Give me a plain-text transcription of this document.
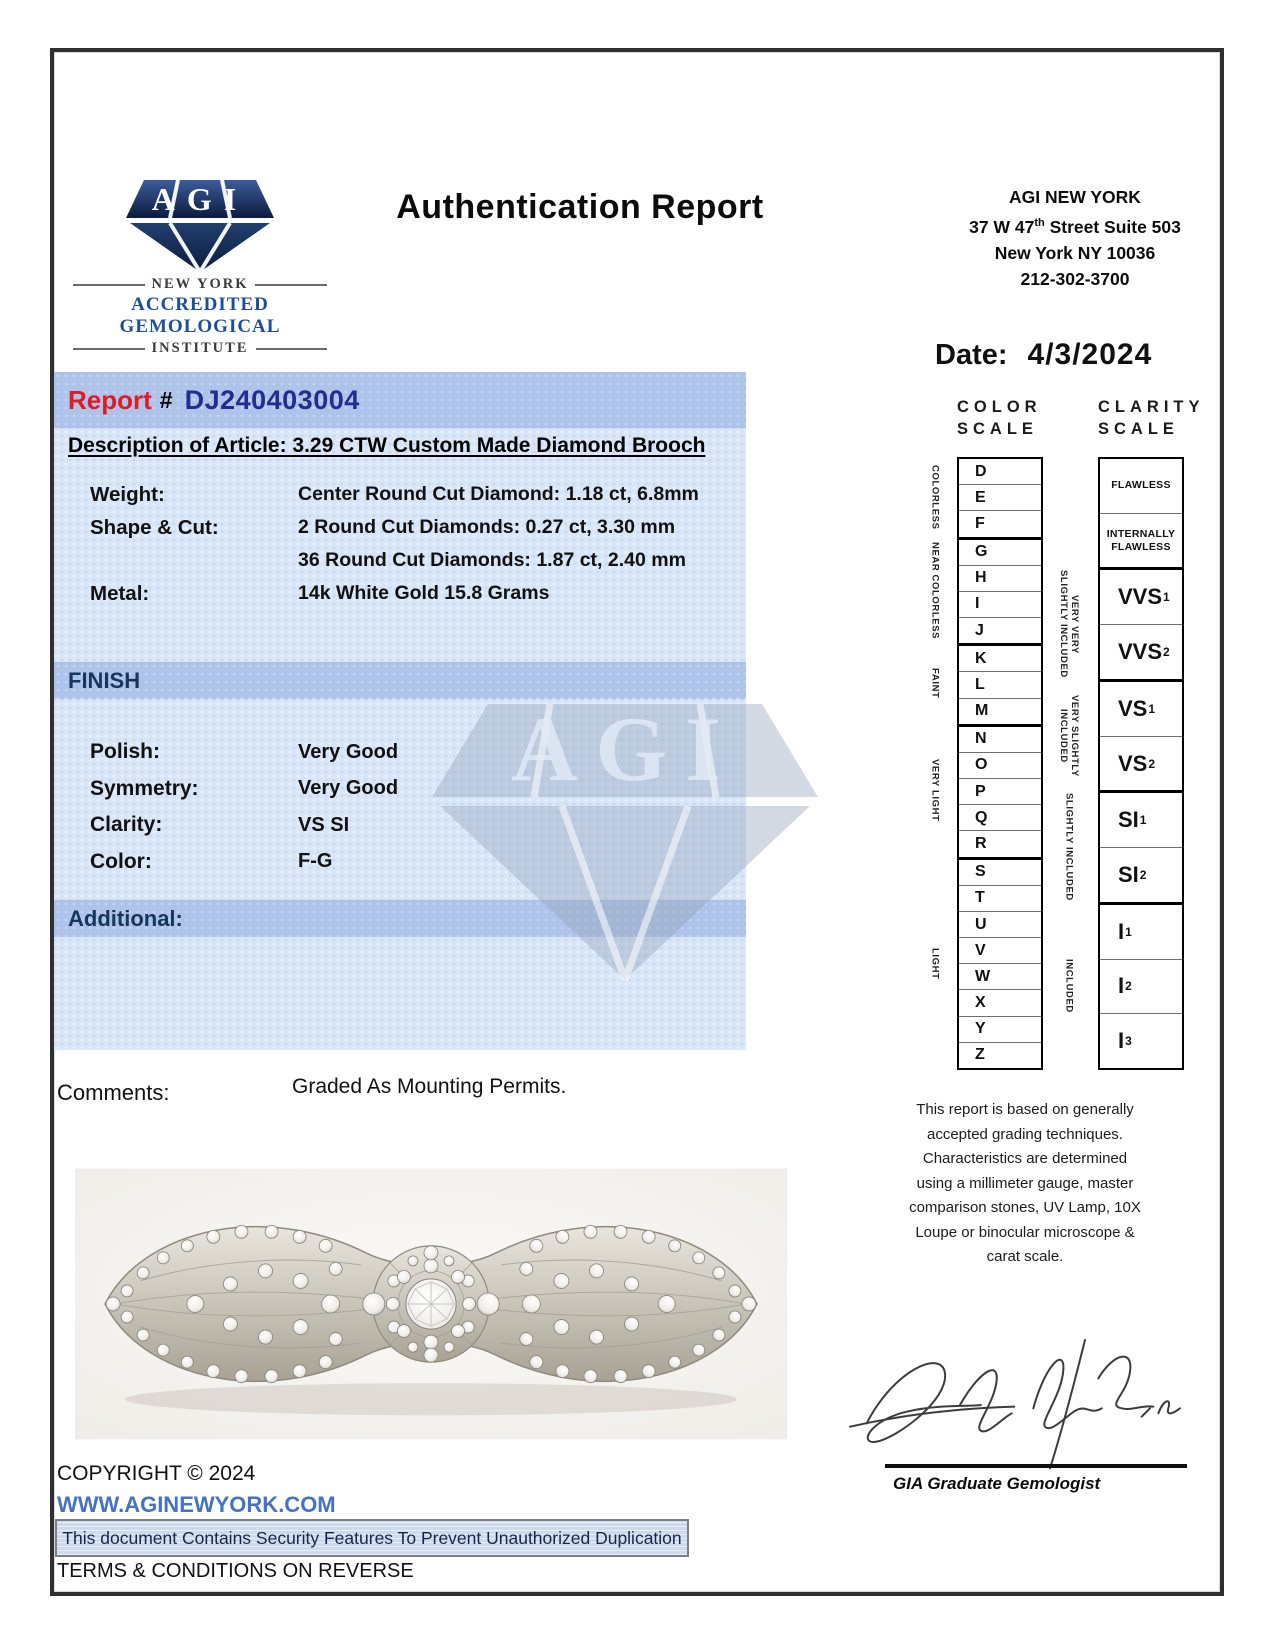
AGI
NEW YORK
ACCREDITED GEMOLOGICAL
INSTITUTE
Authentication Report	AGI NEW YORK
37 W 47th Street Suite 503
New York NY 10036
212-302-3700
Date: 4/3/2024
Report # DJ240403004
Description of Article: 3.29 CTW Custom Made Diamond Brooch
Weight:	Center Round Cut Diamond: 1.18 ct, 6.8mm
Shape & Cut:	2 Round Cut Diamonds: 0.27 ct, 3.30 mm
36 Round Cut Diamonds: 1.87 ct, 2.40 mm
Metal:	14k White Gold 15.8 Grams
FINISH
Polish:	Very Good
Symmetry:	Very Good
Clarity:	VS SI
Color:	F-G
Additional:
AGI
Comments:	Graded As Mounting Permits.
COLOR
SCALE
COLORLESS
NEAR COLORLESS
FAINT
VERY LIGHT
LIGHT
D
E
F
G
H
I
J
K
L
M
N
O
P
Q
R
S
T
U
V
W
X
Y
Z
CLARITY
SCALE
VERY VERY
SLIGHTLY INCLUDED
VERY SLIGHTLY
INCLUDED
SLIGHTLY INCLUDED
INCLUDED
FLAWLESS
INTERNALLY FLAWLESS
VVS 1
VVS 2
VS 1
VS 2
SI 1
SI 2
I 1
I 2
I 3
This report is based on generally accepted grading techniques. Characteristics are determined using a millimeter gauge, master comparison stones, UV Lamp, 10X Loupe or binocular microscope & carat scale.
GIA Graduate Gemologist
COPYRIGHT © 2024
WWW.AGINEWYORK.COM
This document Contains Security Features To Prevent Unauthorized Duplication
TERMS & CONDITIONS ON REVERSE
